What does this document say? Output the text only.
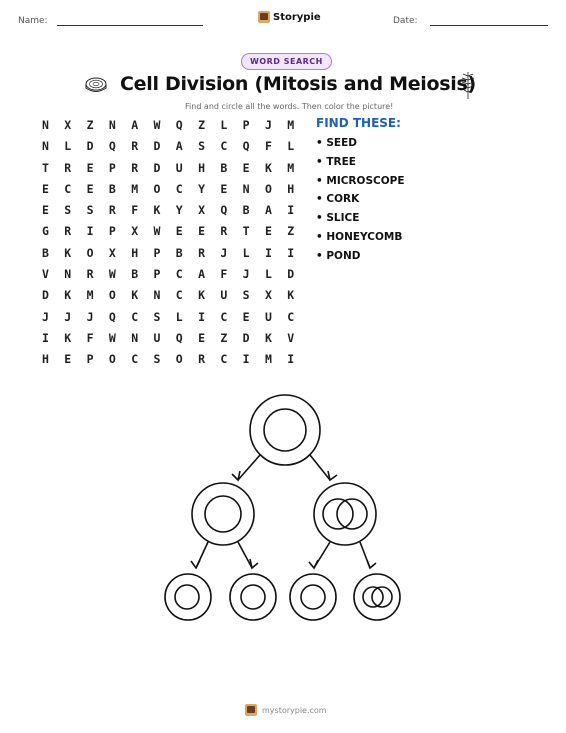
Name:	Storypie	Date:
WORD SEARCH
Cell Division (Mitosis and Meiosis)
Find and circle all the words. Then color the picture!
N	X	Z	N	A	W	Q	Z	L	P	J	M
N	L	D	Q	R	D	A	S	C	Q	F	L
T	R	E	P	R	D	U	H	B	E	K	M
E	C	E	B	M	O	C	Y	E	N	O	H
E	S	S	R	F	K	Y	X	Q	B	A	I
G	R	I	P	X	W	E	E	R	T	E	Z
B	K	O	X	H	P	B	R	J	L	I	I
V	N	R	W	B	P	C	A	F	J	L	D
D	K	M	O	K	N	C	K	U	S	X	K
J	J	J	Q	C	S	L	I	C	E	U	C
I	K	F	W	N	U	Q	E	Z	D	K	V
H	E	P	O	C	S	O	R	C	I	M	I
FIND THESE:
• SEED
• TREE
• MICROSCOPE
• CORK
• SLICE
• HONEYCOMB
• POND
mystorypie.com
